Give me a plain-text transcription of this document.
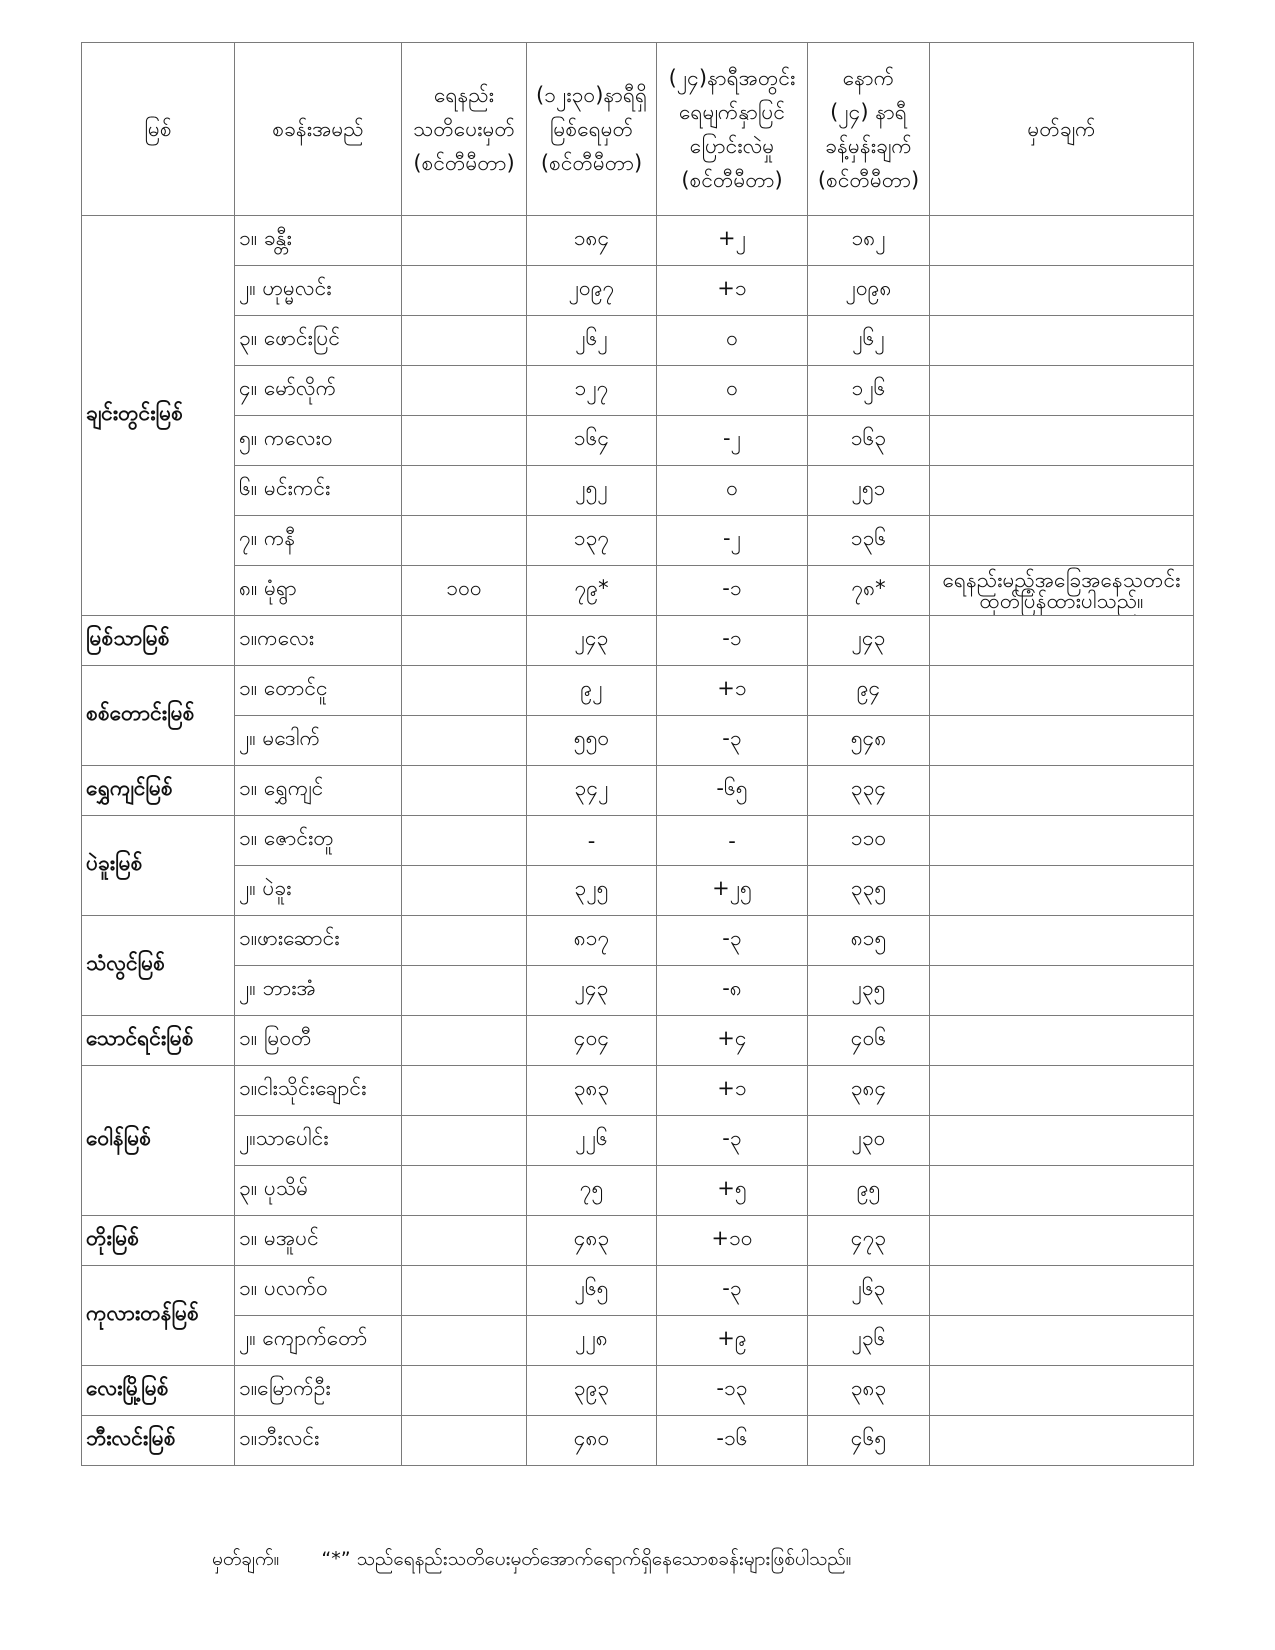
မြစ်	စခန်းအမည်	ရေနည်း
သတိပေးမှတ်
(စင်တီမီတာ)	(၁၂း၃၀)နာရီရှိ
မြစ်ရေမှတ်
(စင်တီမီတာ)	(၂၄)နာရီအတွင်း
ရေမျက်နှာပြင်
ပြောင်းလဲမှု
(စင်တီမီတာ)	နောက်
(၂၄) နာရီ
ခန့်မှန်းချက်
(စင်တီမီတာ)	မှတ်ချက်

ချင်းတွင်းမြစ်	၁။ ခန္တီး		၁၈၄	+၂	၁၈၂	
	၂။ ဟုမ္မလင်း		၂၀၉၇	+၁	၂၀၉၈	
	၃။ ဖောင်းပြင်		၂၆၂	၀	၂၆၂	
	၄။ မော်လိုက်		၁၂၇	၀	၁၂၆	
	၅။ ကလေးဝ		၁၆၄	-၂	၁၆၃	
	၆။ မင်းကင်း		၂၅၂	၀	၂၅၁	
	၇။ ကနီ		၁၃၇	-၂	၁၃၆	
	၈။ မုံရွာ	၁၀၀	၇၉*	-၁	၇၈*	ရေနည်းမည့်အခြေအနေသတင်း
ထုတ်ပြန်ထားပါသည်။

မြစ်သာမြစ်	၁။ကလေး		၂၄၃	-၁	၂၄၃	
စစ်တောင်းမြစ်	၁။ တောင်ငူ		၉၂	+၁	၉၄	
	၂။ မဒေါက်		၅၅၀	-၃	၅၄၈	
ရွှေကျင်မြစ်	၁။ ရွှေကျင်		၃၄၂	-၆၅	၃၃၄	
ပဲခူးမြစ်	၁။ ဇောင်းတူ		-	-	၁၁၀	
	၂။ ပဲခူး		၃၂၅	+၂၅	၃၃၅	
သံလွင်မြစ်	၁။ဖားဆောင်း		၈၁၇	-၃	၈၁၅	
	၂။ ဘားအံ		၂၄၃	-၈	၂၃၅	
သောင်ရင်းမြစ်	၁။ မြဝတီ		၄၀၄	+၄	၄၀၆	
ဝေါန်မြစ်	၁။ငါးသိုင်းချောင်း		၃၈၃	+၁	၃၈၄	
	၂။သာပေါင်း		၂၂၆	-၃	၂၃၀	
	၃။ ပုသိမ်		၇၅	+၅	၉၅	
တိုးမြစ်	၁။ မအူပင်		၄၈၃	+၁၀	၄၇၃	
ကုလားတန်မြစ်	၁။ ပလက်ဝ		၂၆၅	-၃	၂၆၃	
	၂။ ကျောက်တော်		၂၂၈	+၉	၂၃၆	
လေးမြို့မြစ်	၁။မြောက်ဦး		၃၉၃	-၁၃	၃၈၃	
ဘီးလင်းမြစ်	၁။ဘီးလင်း		၄၈၀	-၁၆	၄၆၅	
မှတ်ချက်။ “*” သည်ရေနည်းသတိပေးမှတ်အောက်ရောက်ရှိနေသောစခန်းများဖြစ်ပါသည်။
